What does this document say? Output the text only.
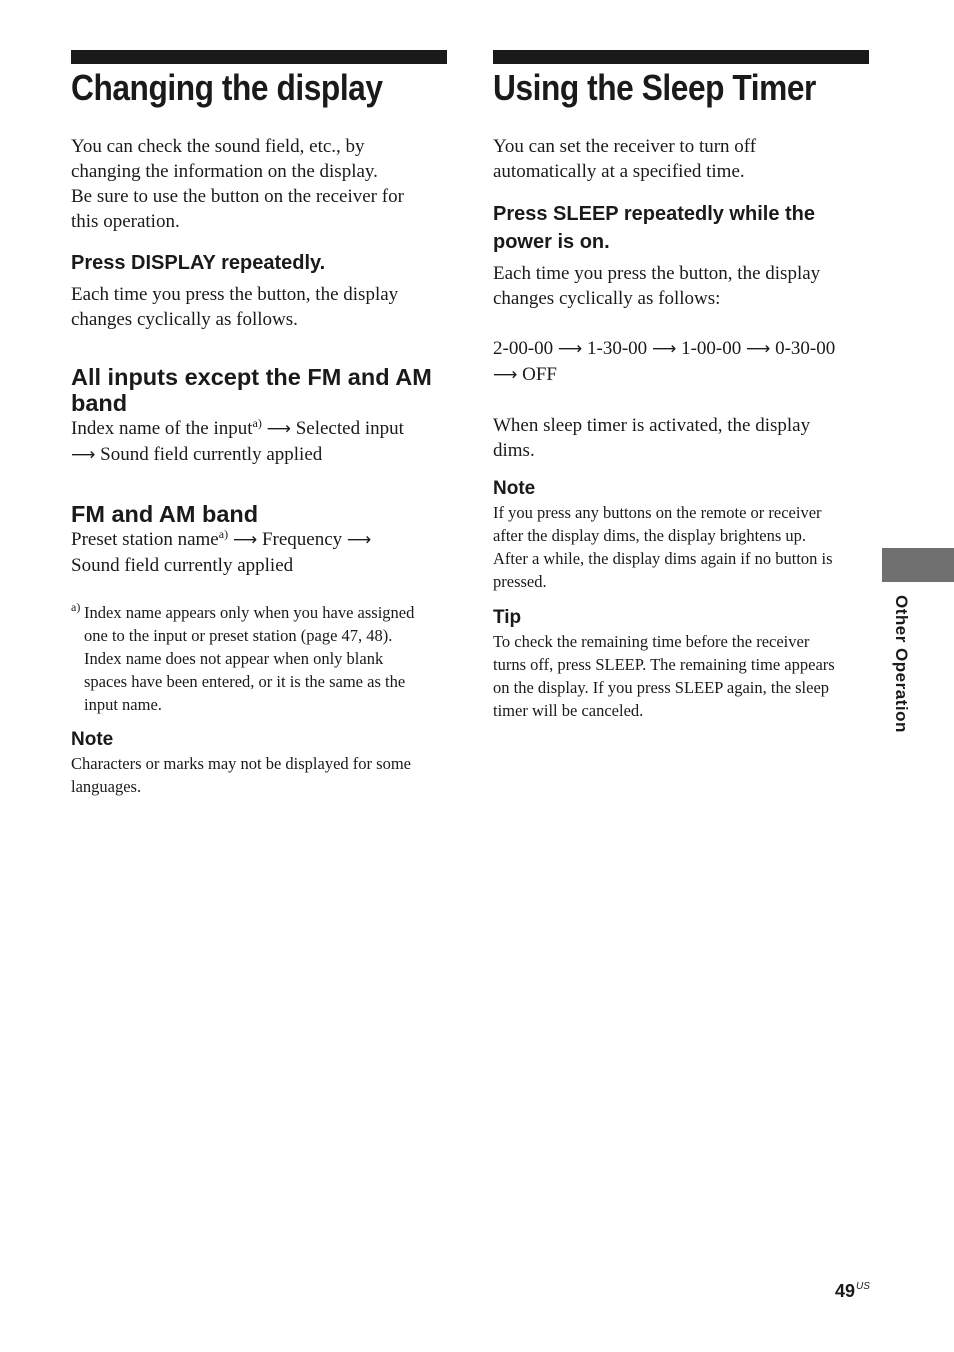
Changing the display
You can check the sound field, etc., by
changing the information on the display.
Be sure to use the button on the receiver for
this operation.
Press DISPLAY repeatedly.
Each time you press the button, the display
changes cyclically as follows.
All inputs except the FM and AM
band
Index name of the input$^{a)}$ ⟶ Selected input
⟶ Sound field currently applied
FM and AM band
Preset station name$^{a)}$ ⟶ Frequency ⟶
Sound field currently applied
a) Index name appears only when you have assigned
one to the input or preset station (page 47, 48).
Index name does not appear when only blank
spaces have been entered, or it is the same as the
input name.
Note
Characters or marks may not be displayed for some
languages.
Using the Sleep Timer
You can set the receiver to turn off
automatically at a specified time.
Press SLEEP repeatedly while the
power is on.
Each time you press the button, the display
changes cyclically as follows:
2-00-00 ⟶ 1-30-00 ⟶ 1-00-00 ⟶ 0-30-00
⟶ OFF
When sleep timer is activated, the display
dims.
Note
If you press any buttons on the remote or receiver
after the display dims, the display brightens up.
After a while, the display dims again if no button is
pressed.
Tip
To check the remaining time before the receiver
turns off, press SLEEP. The remaining time appears
on the display. If you press SLEEP again, the sleep
timer will be canceled.	Other Operation
$49^{US}$
